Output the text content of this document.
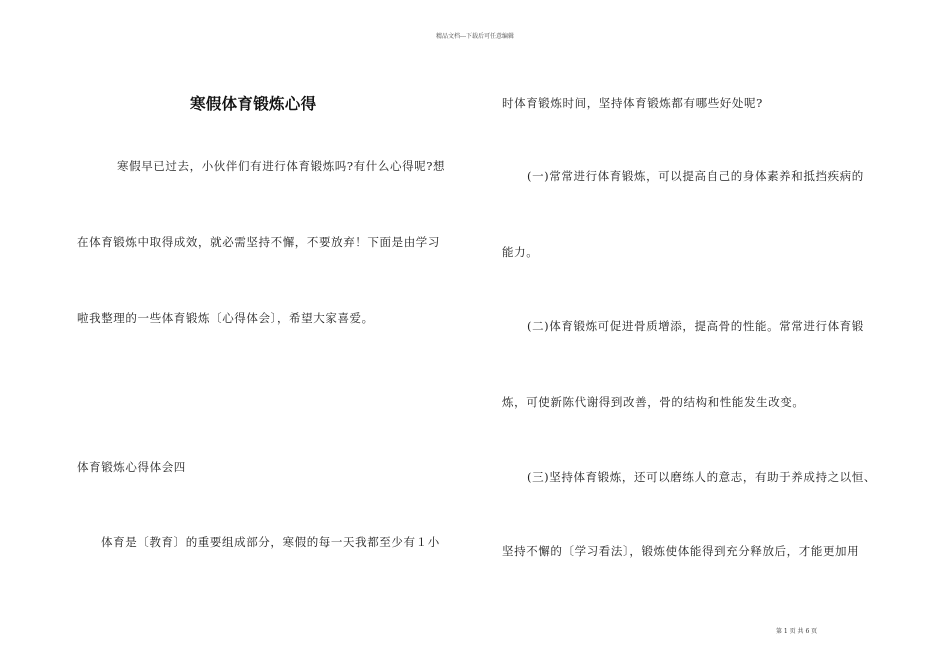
精品文档---下载后可任意编辑
寒假体育锻炼心得
寒假早已过去，小伙伴们有进行体育锻炼吗?有什么心得呢?想
在体育锻炼中取得成效，就必需坚持不懈，不要放弃！下面是由学习
啦我整理的一些体育锻炼〔心得体会〕，希望大家喜爱。
体育锻炼心得体会四
体育是〔教育〕的重要组成部分，寒假的每一天我都至少有１小
时体育锻炼时间，坚持体育锻炼都有哪些好处呢?
(一)常常进行体育锻炼，可以提高自己的身体素养和抵挡疾病的
能力。
(二)体育锻炼可促进骨质增添，提高骨的性能。常常进行体育锻
炼，可使新陈代谢得到改善，骨的结构和性能发生改变。
(三)坚持体育锻炼，还可以磨练人的意志，有助于养成持之以恒、
坚持不懈的〔学习看法〕，锻炼使体能得到充分释放后，才能更加用
第 1 页 共 6 页
